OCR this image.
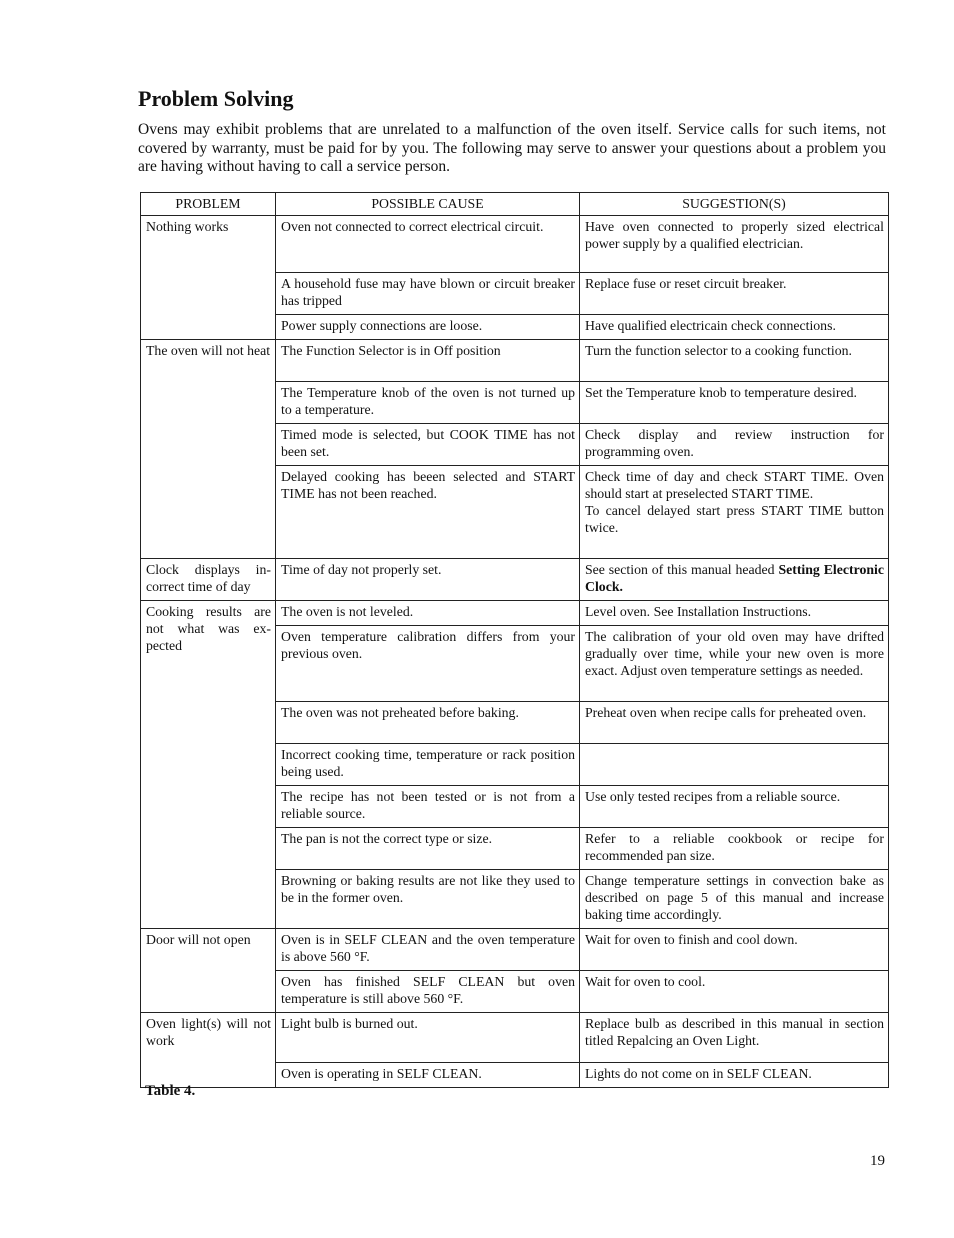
Problem Solving

Ovens may exhibit problems that are unrelated to a malfunction of the oven itself. Service calls for such items, not covered by warranty, must be paid for by you. The following may serve to answer your questions about a problem you are having without having to call a service person.

PROBLEM	POSSIBLE CAUSE	SUGGESTION(S)
Nothing works	Oven not connected to correct electrical circuit.	Have oven connected to properly sized electrical power supply by a qualified electrician.
	A household fuse may have blown or circuit breaker has tripped	Replace fuse or reset circuit breaker.
	Power supply connections are loose.	Have qualified electricain check connections.
The oven will not heat	The Function Selector is in Off position	Turn the function selector to a cooking function.
	The Temperature knob of the oven is not turned up to a temperature.	Set the Temperature knob to temperature desired.
	Timed mode is selected, but COOK TIME has not been set.	Check display and review instruction for programming oven.
	Delayed cooking has beeen selected and START TIME has not been reached.	Check time of day and check START TIME. Oven should start at preselected START TIME.
To cancel delayed start press START TIME button twice.

Clock displays in-correct time of day	Time of day not properly set.	See section of this manual headed Setting Electronic Clock.
Cooking results are not what was ex-pected	The oven is not leveled.	Level oven. See Installation Instructions.
	Oven temperature calibration differs from your previous oven.	The calibration of your old oven may have drifted gradually over time, while your new oven is more exact. Adjust oven temperature settings as needed.
	The oven was not preheated before baking.	Preheat oven when recipe calls for preheated oven.
	Incorrect cooking time, temperature or rack position being used.	
	The recipe has not been tested or is not from a reliable source.	Use only tested recipes from a reliable source.
	The pan is not the correct type or size.	Refer to a reliable cookbook or recipe for recommended pan size.
	Browning or baking results are not like they used to be in the former oven.	Change temperature settings in convection bake as described on page 5 of this manual and increase baking time accordingly.
Door will not open	Oven is in SELF CLEAN and the oven temperature is above 560 °F.	Wait for oven to finish and cool down.
	Oven has finished SELF CLEAN but oven temperature is still above 560 °F.	Wait for oven to cool.
Oven light(s) will not work	Light bulb is burned out.	Replace bulb as described in this manual in section titled Repalcing an Oven Light.
	Oven is operating in SELF CLEAN.	Lights do not come on in SELF CLEAN.

Table 4.

19
